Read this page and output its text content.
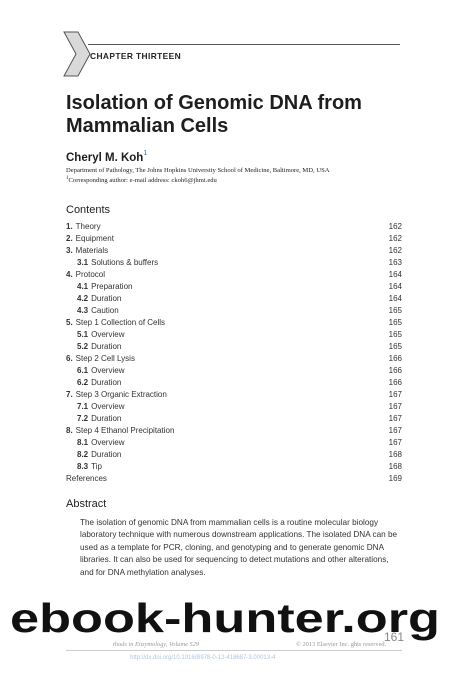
CHAPTER THIRTEEN
Isolation of Genomic DNA from Mammalian Cells
Cheryl M. Koh$^1$
Department of Pathology, The Johns Hopkins University School of Medicine, Baltimore, MD, USA
$^1$Corresponding author: e-mail address: ckoh6@jhmi.edu
Contents
1. Theory	162
2. Equipment	162
3. Materials	162
3.1 Solutions & buffers	163
4. Protocol	164
4.1 Preparation	164
4.2 Duration	164
4.3 Caution	165
5. Step 1 Collection of Cells	165
5.1 Overview	165
5.2 Duration	165
6. Step 2 Cell Lysis	166
6.1 Overview	166
6.2 Duration	166
7. Step 3 Organic Extraction	167
7.1 Overview	167
7.2 Duration	167
8. Step 4 Ethanol Precipitation	167
8.1 Overview	167
8.2 Duration	168
8.3 Tip	168
References	169
Abstract

The isolation of genomic DNA from mammalian cells is a routine molecular biology laboratory technique with numerous downstream applications. The isolated DNA can be used as a template for PCR, cloning, and genotyping and to generate genomic DNA libraries. It can also be used for sequencing to detect mutations and other alterations, and for DNA methylation analyses.

thods in Enzymology, Volume 529	© 2013 Elsevier Inc. ghts reserved.
161
http://dx.doi.org/10.1016/B978-0-12-418687-3.00013-4
ebook-hunter.org
